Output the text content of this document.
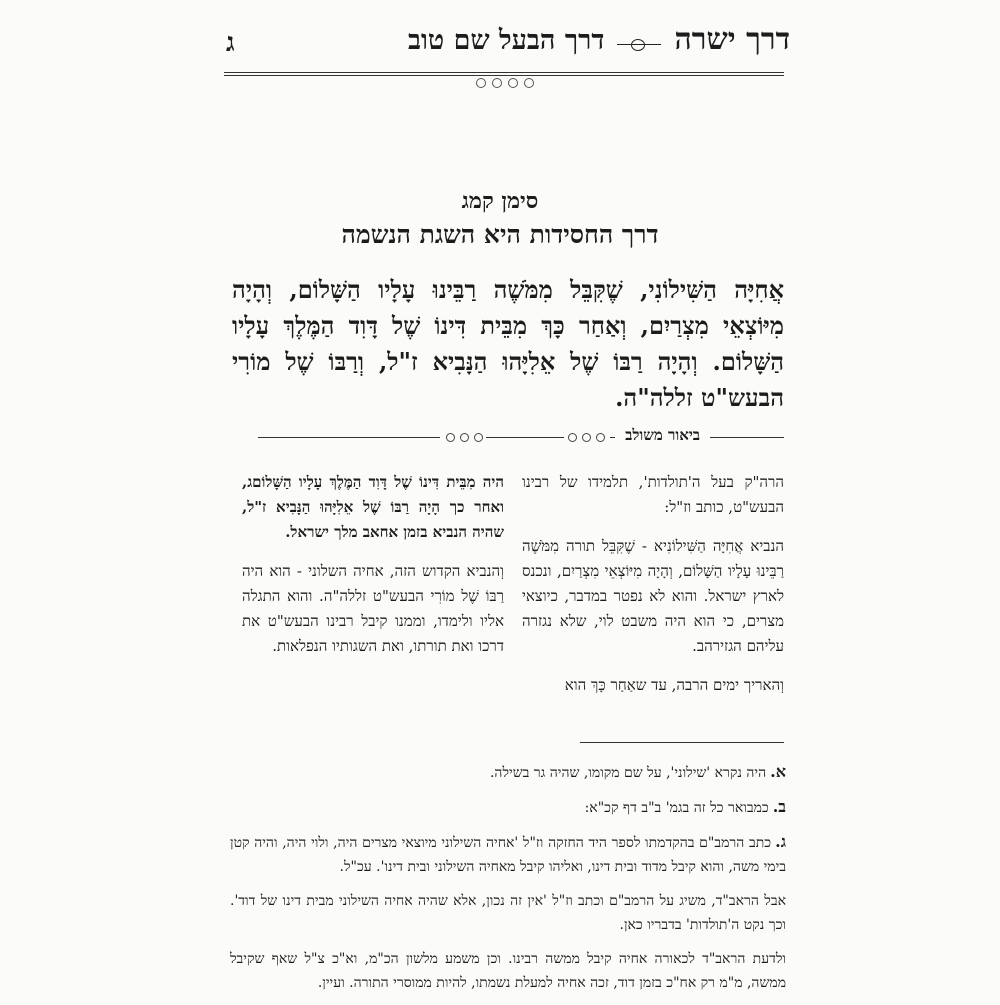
דרך ישרה  דרך הבעל שם טוב
ג
סימן קמג
דרך החסידות היא השגת הנשמה
אֲחִיָּה הַשִּׁילוֹנִי, שֶׁקִּבֵּל מִמֹּשֶׁה רַבֵּינוּ עָלָיו הַשָּׁלוֹם, וְהָיָה מִיּוֹצְאֵי מִצְרַיִם, וְאַחַר כָּךְ מִבֵּית דִּינוֹ שֶׁל דָּוִד הַמֶּלֶךְ עָלָיו הַשָּׁלוֹם. וְהָיָה רַבּוֹ שֶׁל אֵלִיָּהוּ הַנָּבִיא ז"ל, וְרַבּוֹ שֶׁל מוֹרִי הבעש"ט זללה"ה.
ביאור משולב

הרה"ק בעל ה'תולדות', תלמידו של רבינו הבעש"ט, כותב וז"ל:

הנביא אֲחִיָּה הַשִּׁילוֹנִיא - שֶׁקִּבֵּל תורה מִמֹּשֶׁה רַבֵּינוּ עָלָיו הַשָּׁלוֹם, וְהָיָה מִיּוֹצְאֵי מִצְרַיִם, ונכנס לארץ ישראל. והוא לא נפטר במדבר, כיוצאי מצרים, כי הוא היה משבט לוי, שלא נגזרה עליהם הגזירהב.

וְהאריך ימים הרבה, עד שאַחַר כָּךְ הוא

היה מִבֵּית דִּינוֹ שֶׁל דָּוִד הַמֶּלֶךְ עָלָיו הַשָּׁלוֹםג, ואחר כך הָיָה רַבּוֹ שֶׁל אֵלִיָּהוּ הַנָּבִיא ז"ל, שהיה הנביא בזמן אחאב מלך ישראל.

וְהנביא הקדוש הזה, אחיה השלוני - הוא היה רַבּוֹ שֶׁל מוֹרִי הבעש"ט זללה"ה. והוא התגלה אליו ולימדו, וממנו קיבל רבינו הבעש"ט את דרכו ואת תורתו, ואת השגותיו הנפלאות.

א.היה נקרא 'שילוני', על שם מקומו, שהיה גר בשילה.

ב.כמבואר כל זה בגמ' ב"ב דף קכ"א:

ג.כתב הרמב"ם בהקדמתו לספר היד החזקה וז"ל 'אחיה השילוני מיוצאי מצרים היה, ולוי היה, והיה קטן בימי משה, והוא קיבל מדוד ובית דינו, ואליהו קיבל מאחיה השילוני ובית דינו'. עכ"ל.

אבל הראב"ד, משיג על הרמב"ם וכתב וז"ל 'אין זה נכון, אלא שהיה אחיה השילוני מבית דינו של דוד'. וכך נקט ה'תולדות' בדבריו כאן.

ולדעת הראב"ד לכאורה אחיה קיבל ממשה רבינו. וכן משמע מלשון הכ"מ, וא"כ צ"ל שאף שקיבל ממשה, מ"מ רק אח"כ בזמן דוד, זכה אחיה למעלת נשמתו, להיות ממוסרי התורה. ועיין.
